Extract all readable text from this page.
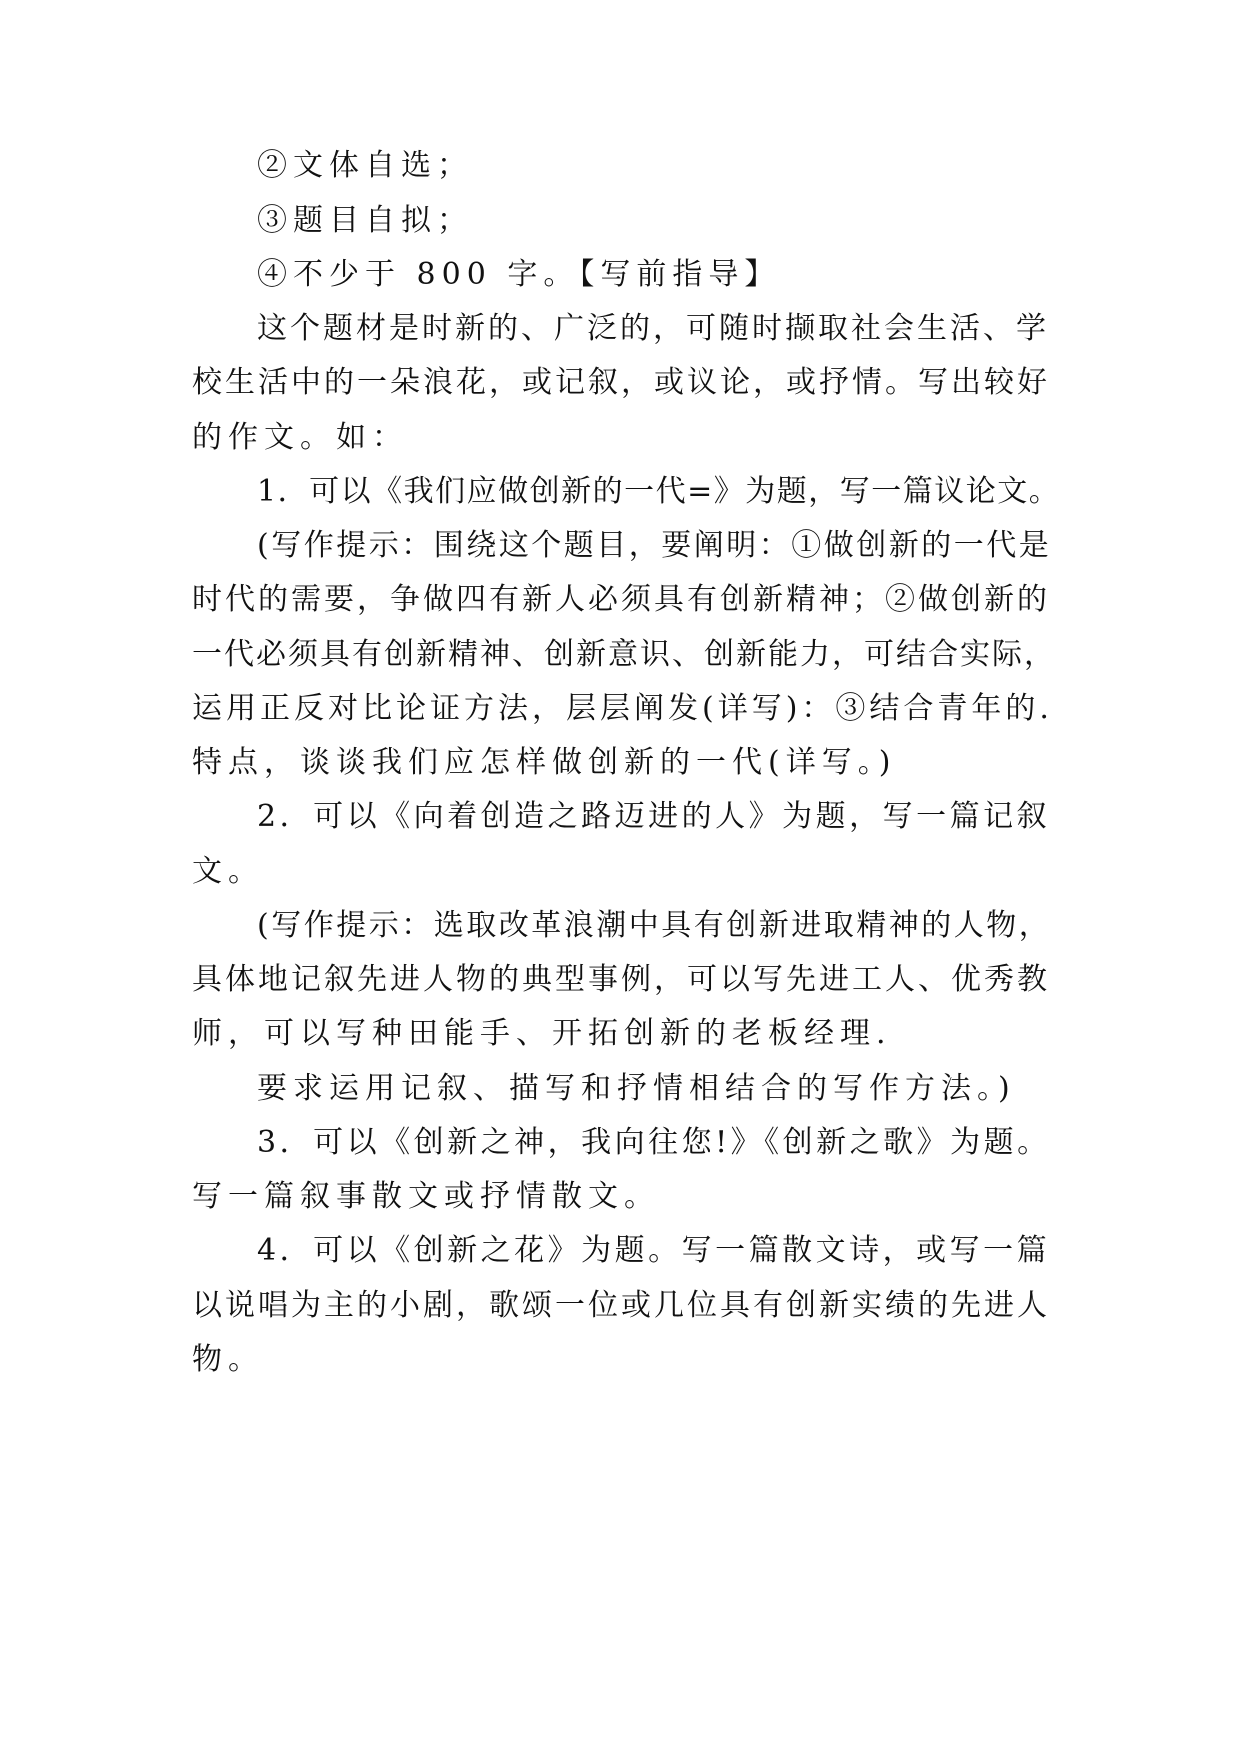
②文体自选；
③题目自拟；
④不少于 800 字。【写前指导】
这个题材是时新的、广泛的，可随时撷取社会生活、学
校生活中的一朵浪花，或记叙，或议论，或抒情。写出较好
的作文。如：
1．可以《我们应做创新的一代=》为题，写一篇议论文。
(写作提示：围绕这个题目，要阐明：①做创新的一代是
时代的需要，争做四有新人必须具有创新精神；②做创新的
一代必须具有创新精神、创新意识、创新能力，可结合实际，
运用正反对比论证方法，层层阐发(详写)：③结合青年的.
特点，谈谈我们应怎样做创新的一代(详写。)
2．可以《向着创造之路迈进的人》为题，写一篇记叙
文。
(写作提示：选取改革浪潮中具有创新进取精神的人物，
具体地记叙先进人物的典型事例，可以写先进工人、优秀教
师，可以写种田能手、开拓创新的老板经理.
要求运用记叙、描写和抒情相结合的写作方法。)
3．可以《创新之神，我向往您!》《创新之歌》为题。
写一篇叙事散文或抒情散文。
4．可以《创新之花》为题。写一篇散文诗，或写一篇
以说唱为主的小剧，歌颂一位或几位具有创新实绩的先进人
物。
